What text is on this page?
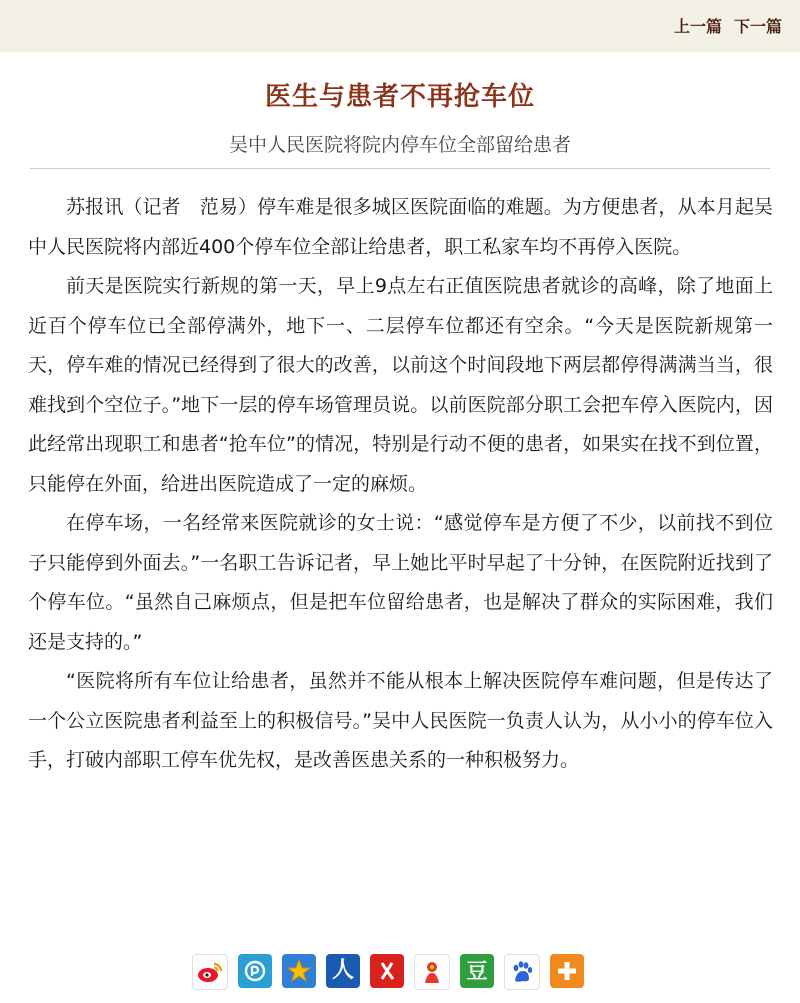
上一篇 下一篇
医生与患者不再抢车位
吴中人民医院将院内停车位全部留给患者

苏报讯（记者　范易）停车难是很多城区医院面临的难题。为方便患者，从本月起吴中人民医院将内部近400个停车位全部让给患者，职工私家车均不再停入医院。

前天是医院实行新规的第一天，早上9点左右正值医院患者就诊的高峰，除了地面上近百个停车位已全部停满外，地下一、二层停车位都还有空余。“今天是医院新规第一天，停车难的情况已经得到了很大的改善，以前这个时间段地下两层都停得满满当当，很难找到个空位子。”地下一层的停车场管理员说。以前医院部分职工会把车停入医院内，因此经常出现职工和患者“抢车位”的情况，特别是行动不便的患者，如果实在找不到位置，只能停在外面，给进出医院造成了一定的麻烦。

在停车场，一名经常来医院就诊的女士说：“感觉停车是方便了不少，以前找不到位子只能停到外面去。”一名职工告诉记者，早上她比平时早起了十分钟，在医院附近找到了个停车位。“虽然自己麻烦点，但是把车位留给患者，也是解决了群众的实际困难，我们还是支持的。”

“医院将所有车位让给患者，虽然并不能从根本上解决医院停车难问题，但是传达了一个公立医院患者利益至上的积极信号。”吴中人民医院一负责人认为，从小小的停车位入手，打破内部职工停车优先权，是改善医患关系的一种积极努力。

人	豆
